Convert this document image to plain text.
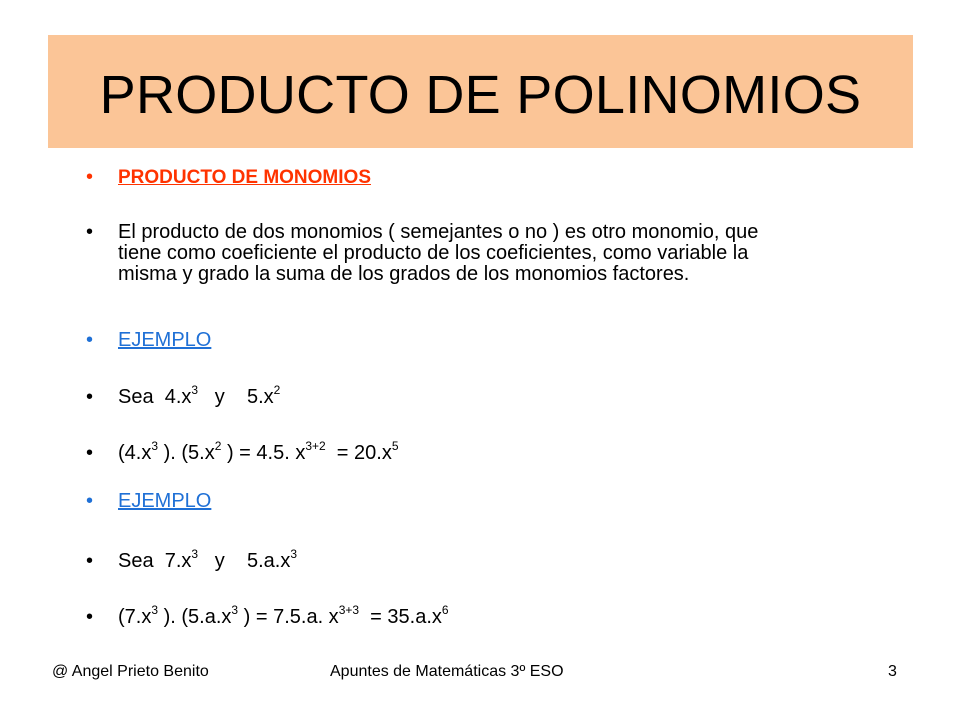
PRODUCTO DE POLINOMIOS
•	PRODUCTO DE MONOMIOS
•	El producto de dos monomios ( semejantes o no ) es otro monomio, que
tiene como coeficiente el producto de los coeficientes, como variable la
misma y grado la suma de los grados de los monomios factores.
•	EJEMPLO
•	Sea  $4.x^3$   y    $5.x^2$
•	($4.x^3$ ). ($5.x^2$ ) = 4.5. $x^{3+2} = 20.x^5$
•	EJEMPLO
•	Sea  $7.x^3$   y    $5.a.x^3$
•	($7.x^3$ ). ($5.a.x^3$ ) = 7.5.a. $x^{3+3} = 35.a.x^6$
@ Angel Prieto Benito	Apuntes de Matemáticas 3º ESO	3
